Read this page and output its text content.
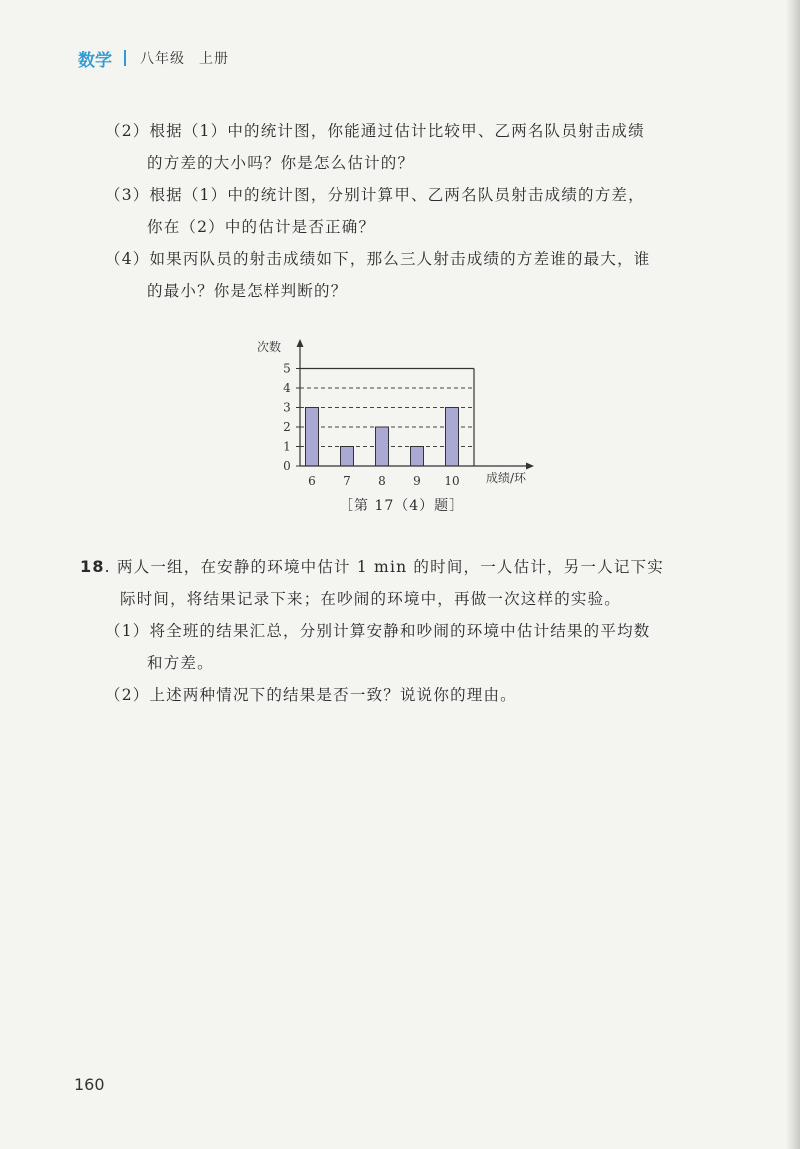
数学 八年级 上册
（2）根据（1）中的统计图，你能通过估计比较甲、乙两名队员射击成绩
的方差的大小吗？你是怎么估计的？
（3）根据（1）中的统计图，分别计算甲、乙两名队员射击成绩的方差，
你在（2）中的估计是否正确？
（4）如果丙队员的射击成绩如下，那么三人射击成绩的方差谁的最大，谁
的最小？你是怎样判断的？
0
1
2
3
4
5
6 7 8 9 10
次数
成绩/环
［第 17（4）题］
18. 两人一组，在安静的环境中估计 1 min 的时间，一人估计，另一人记下实
际时间，将结果记录下来；在吵闹的环境中，再做一次这样的实验。
（1）将全班的结果汇总，分别计算安静和吵闹的环境中估计结果的平均数
和方差。
（2）上述两种情况下的结果是否一致？说说你的理由。
160
